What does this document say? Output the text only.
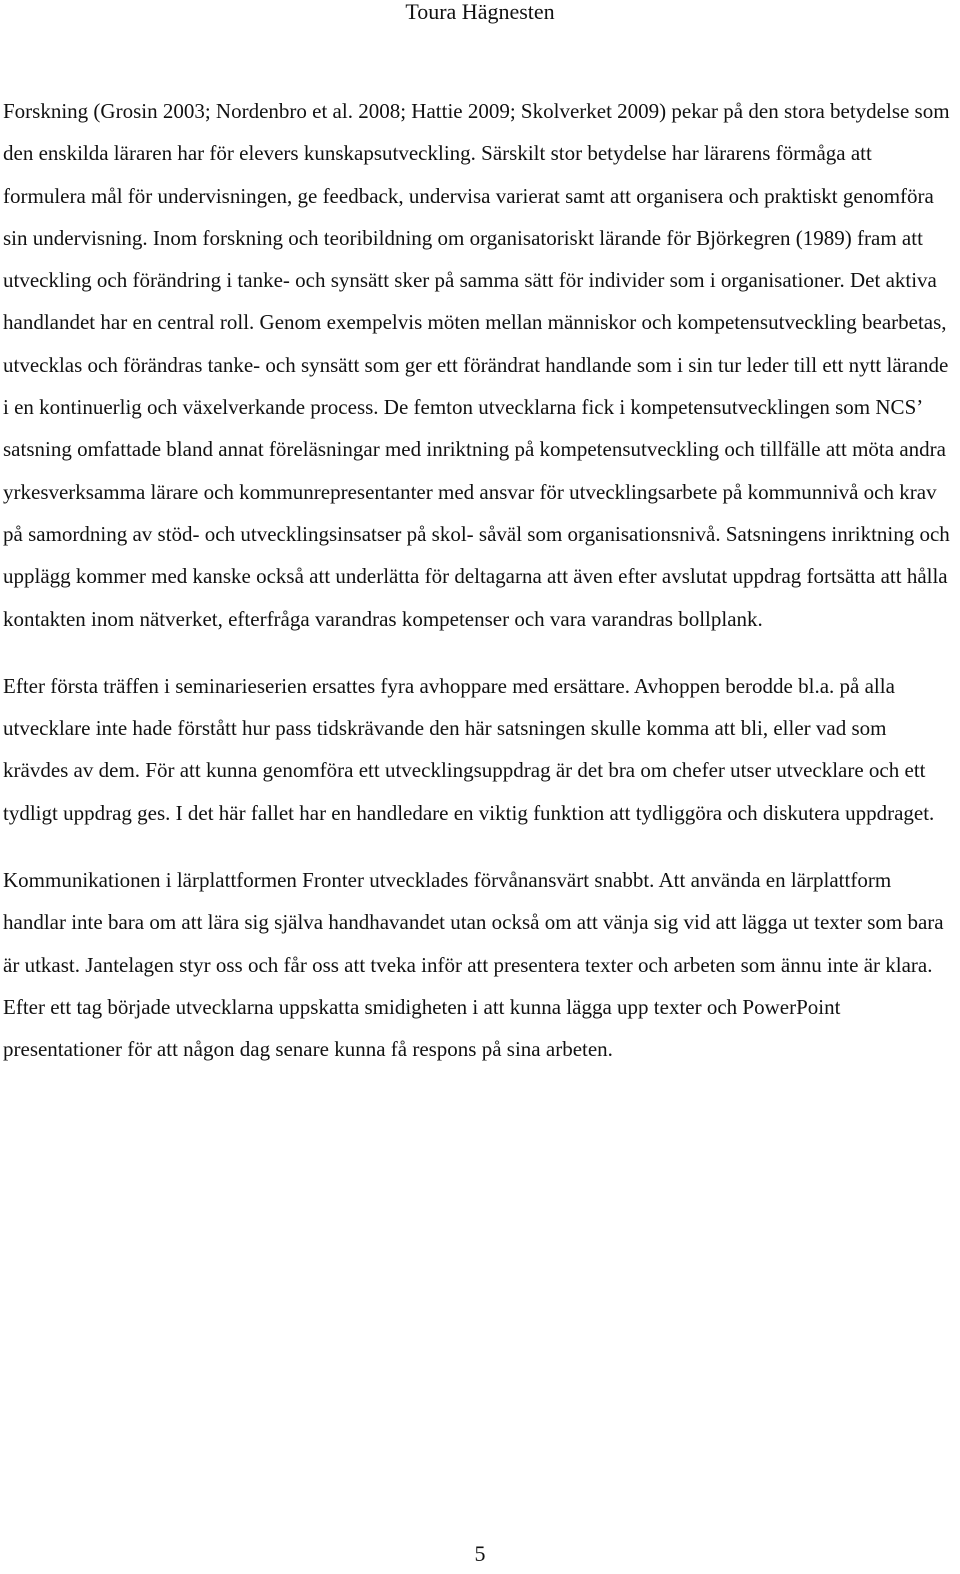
Toura Hägnesten

Forskning (Grosin 2003; Nordenbro et al. 2008; Hattie 2009; Skolverket 2009) pekar på den stora betydelse som den enskilda läraren har för elevers kunskapsutveckling. Särskilt stor betydelse har lärarens förmåga att formulera mål för undervisningen, ge feedback, undervisa varierat samt att organisera och praktiskt genomföra sin undervisning. Inom forskning och teoribildning om organisatoriskt lärande för Björkegren (1989) fram att utveckling och förändring i tanke- och synsätt sker på samma sätt för individer som i organisationer. Det aktiva handlandet har en central roll. Genom exempelvis möten mellan människor och kompetensutveckling bearbetas, utvecklas och förändras tanke- och synsätt som ger ett förändrat handlande som i sin tur leder till ett nytt lärande i en kontinuerlig och växelverkande process. De femton utvecklarna fick i kompetensutvecklingen som NCS’ satsning omfattade bland annat föreläsningar med inriktning på kompetensutveckling och tillfälle att möta andra yrkesverksamma lärare och kommunrepresentanter med ansvar för utvecklingsarbete på kommunnivå och krav på samordning av stöd- och utvecklingsinsatser på skol- såväl som organisationsnivå. Satsningens inriktning och upplägg kommer med kanske också att underlätta för deltagarna att även efter avslutat uppdrag fortsätta att hålla kontakten inom nätverket, efterfråga varandras kompetenser och vara varandras bollplank.

Efter första träffen i seminarieserien ersattes fyra avhoppare med ersättare. Avhoppen berodde bl.a. på alla utvecklare inte hade förstått hur pass tidskrävande den här satsningen skulle komma att bli, eller vad som krävdes av dem. För att kunna genomföra ett utvecklingsuppdrag är det bra om chefer utser utvecklare och ett tydligt uppdrag ges. I det här fallet har en handledare en viktig funktion att tydliggöra och diskutera uppdraget.

Kommunikationen i lärplattformen Fronter utvecklades förvånansvärt snabbt. Att använda en lärplattform handlar inte bara om att lära sig själva handhavandet utan också om att vänja sig vid att lägga ut texter som bara är utkast. Jantelagen styr oss och får oss att tveka inför att presentera texter och arbeten som ännu inte är klara. Efter ett tag började utvecklarna uppskatta smidigheten i att kunna lägga upp texter och PowerPoint presentationer för att någon dag senare kunna få respons på sina arbeten.

5
